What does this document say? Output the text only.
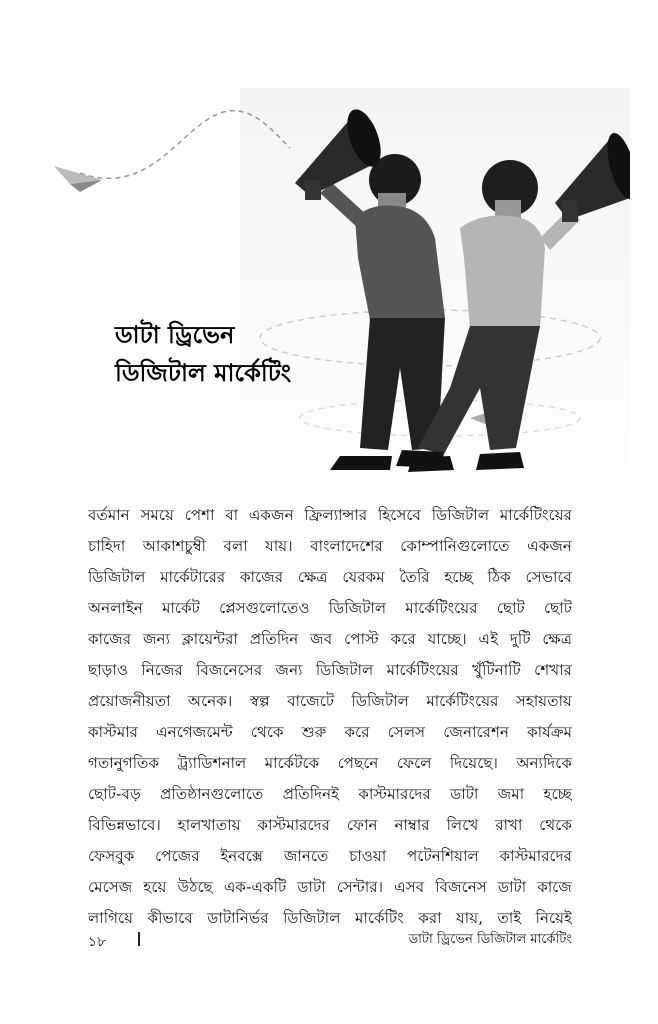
ডাটা ড্রিভেন
ডিজিটাল মার্কেটিং
বর্তমান সময়ে পেশা বা একজন ফ্রিল্যান্সার হিসেবে ডিজিটাল মার্কেটিংয়ের
চাহিদা আকাশচুম্বী বলা যায়। বাংলাদেশের কোম্পানিগুলোতে একজন
ডিজিটাল মার্কেটারের কাজের ক্ষেত্র যেরকম তৈরি হচ্ছে ঠিক সেভাবে
অনলাইন মার্কেট প্লেসগুলোতেও ডিজিটাল মার্কেটিংয়ের ছোট ছোট
কাজের জন্য ক্লায়েন্টরা প্রতিদিন জব পোস্ট করে যাচ্ছে। এই দুটি ক্ষেত্র
ছাড়াও নিজের বিজনেসের জন্য ডিজিটাল মার্কেটিংয়ের খুঁটিনাটি শেখার
প্রয়োজনীয়তা অনেক। স্বল্প বাজেটে ডিজিটাল মার্কেটিংয়ের সহায়তায়
কাস্টমার এনগেজমেন্ট থেকে শুরু করে সেলস জেনারেশন কার্যক্রম
গতানুগতিক ট্র্যাডিশনাল মার্কেটকে পেছনে ফেলে দিয়েছে। অন্যদিকে
ছোট-বড় প্রতিষ্ঠানগুলোতে প্রতিদিনই কাস্টমারদের ডাটা জমা হচ্ছে
বিভিন্নভাবে। হালখাতায় কাস্টমারদের ফোন নাম্বার লিখে রাখা থেকে
ফেসবুক পেজের ইনবক্সে জানতে চাওয়া পটেনশিয়াল কাস্টমারদের
মেসেজ হয়ে উঠছে এক-একটি ডাটা সেন্টার। এসব বিজনেস ডাটা কাজে
লাগিয়ে কীভাবে ডাটানির্ভর ডিজিটাল মার্কেটিং করা যায়, তাই নিয়েই
১৮	ডাটা ড্রিভেন ডিজিটাল মার্কেটিং
